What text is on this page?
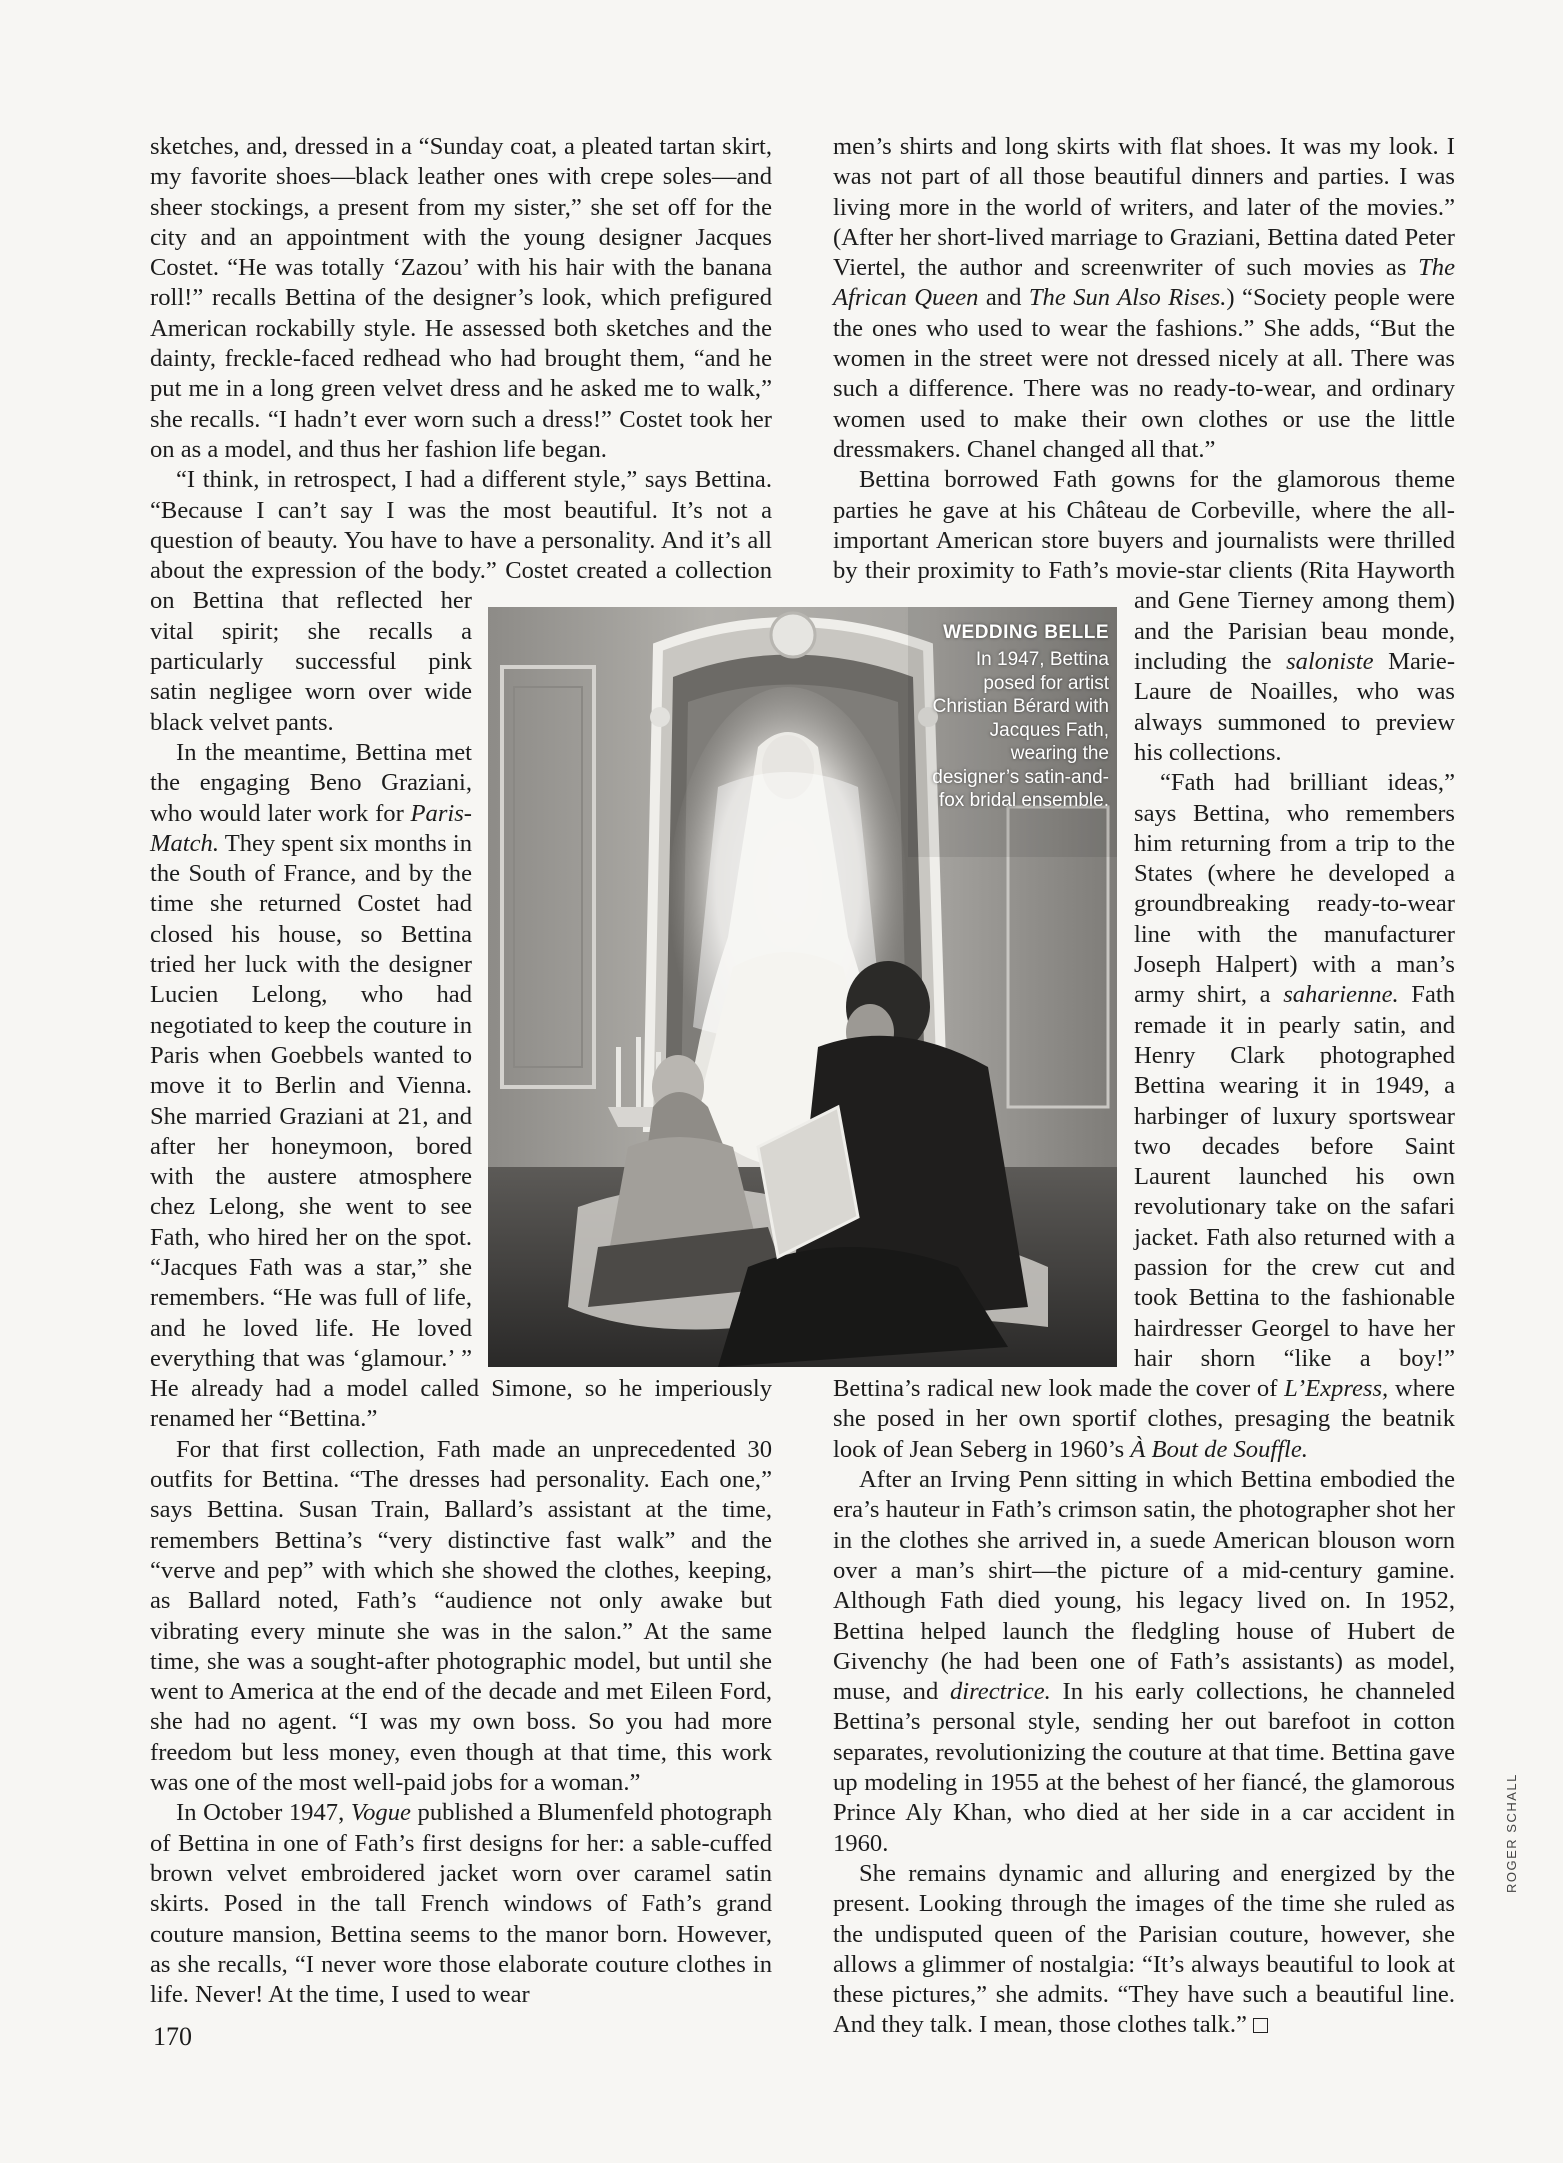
sketches, and, dressed in a “Sunday coat, a pleated tartan skirt, my favorite shoes—black leather ones with crepe soles—and sheer stockings, a present from my sister,” she set off for the city and an appointment with the young designer Jacques Costet. “He was totally ‘Zazou’ with his hair with the banana roll!” recalls Bettina of the designer’s look, which prefigured American rockabilly style. He assessed both sketches and the dainty, freckle-faced redhead who had brought them, “and he put me in a long green velvet dress and he asked me to walk,” she recalls. “I hadn’t ever worn such a dress!” Costet took her on as a model, and thus her fashion life began.

“I think, in retrospect, I had a different style,” says Bettina. “Because I can’t say I was the most beautiful. It’s not a question of beauty. You have to have a personality. And it’s all about the expression of the body.” Costet created a collection on Bettina that reflected her vital spirit; she recalls a particularly successful pink satin negligee worn over wide black velvet pants.

In the meantime, Bettina met the engaging Beno Graziani, who would later work for Paris-Match. They spent six months in the South of France, and by the time she returned Costet had closed his house, so Bettina tried her luck with the designer Lucien Lelong, who had negotiated to keep the couture in Paris when Goebbels wanted to move it to Berlin and Vienna. She married Graziani at 21, and after her honeymoon, bored with the austere atmosphere chez Lelong, she went to see Fath, who hired her on the spot. “Jacques Fath was a star,” she remembers. “He was full of life, and he loved life. He loved everything that was ‘glamour.’ ” He already had a model called Simone, so he imperiously renamed her “Bettina.”

For that first collection, Fath made an unprecedented 30 outfits for Bettina. “The dresses had personality. Each one,” says Bettina. Susan Train, Ballard’s assistant at the time, remembers Bettina’s “very distinctive fast walk” and the “verve and pep” with which she showed the clothes, keeping, as Ballard noted, Fath’s “audience not only awake but vibrating every minute she was in the salon.” At the same time, she was a sought-after photographic model, but until she went to America at the end of the decade and met Eileen Ford, she had no agent. “I was my own boss. So you had more freedom but less money, even though at that time, this work was one of the most well-paid jobs for a woman.”

In October 1947, Vogue published a Blumenfeld photograph of Bettina in one of Fath’s first designs for her: a sable-cuffed brown velvet embroidered jacket worn over caramel satin skirts. Posed in the tall French windows of Fath’s grand couture mansion, Bettina seems to the manor born. However, as she recalls, “I never wore those elaborate couture clothes in life. Never! At the time, I used to wear

men’s shirts and long skirts with flat shoes. It was my look. I was not part of all those beautiful dinners and parties. I was living more in the world of writers, and later of the movies.” (After her short-lived marriage to Graziani, Bettina dated Peter Viertel, the author and screenwriter of such movies as The African Queen and The Sun Also Rises.) “Society people were the ones who used to wear the fashions.” She adds, “But the women in the street were not dressed nicely at all. There was such a difference. There was no ready-to-wear, and ordinary women used to make their own clothes or use the little dressmakers. Chanel changed all that.”

Bettina borrowed Fath gowns for the glamorous theme parties he gave at his Château de Corbeville, where the all-important American store buyers and journalists were thrilled by their proximity to Fath’s movie-star clients (Rita Hayworth and Gene Tierney among them) and the Parisian beau monde, including the saloniste Marie-Laure de Noailles, who was always summoned to preview his collections.

“Fath had brilliant ideas,” says Bettina, who remembers him returning from a trip to the States (where he developed a groundbreaking ready-to-wear line with the manufacturer Joseph Halpert) with a man’s army shirt, a saharienne. Fath remade it in pearly satin, and Henry Clark photographed Bettina wearing it in 1949, a harbinger of luxury sportswear two decades before Saint Laurent launched his own revolutionary take on the safari jacket. Fath also returned with a passion for the crew cut and took Bettina to the fashionable hairdresser Georgel to have her hair shorn “like a boy!” Bettina’s radical new look made the cover of L’Express, where she posed in her own sportif clothes, presaging the beatnik look of Jean Seberg in 1960’s À Bout de Souffle.

After an Irving Penn sitting in which Bettina embodied the era’s hauteur in Fath’s crimson satin, the photographer shot her in the clothes she arrived in, a suede American blouson worn over a man’s shirt—the picture of a mid-century gamine. Although Fath died young, his legacy lived on. In 1952, Bettina helped launch the fledgling house of Hubert de Givenchy (he had been one of Fath’s assistants) as model, muse, and directrice. In his early collections, he channeled Bettina’s personal style, sending her out barefoot in cotton separates, revolutionizing the couture at that time. Bettina gave up modeling in 1955 at the behest of her fiancé, the glamorous Prince Aly Khan, who died at her side in a car accident in 1960.

She remains dynamic and alluring and energized by the present. Looking through the images of the time she ruled as the undisputed queen of the Parisian couture, however, she allows a glimmer of nostalgia: “It’s always beautiful to look at these pictures,” she admits. “They have such a beautiful line. And they talk. I mean, those clothes talk.”

WEDDING BELLE
In 1947, Bettina posed for artist Christian Bérard with Jacques Fath, wearing the designer’s satin-and-fox bridal ensemble.
170
ROGER SCHALL
